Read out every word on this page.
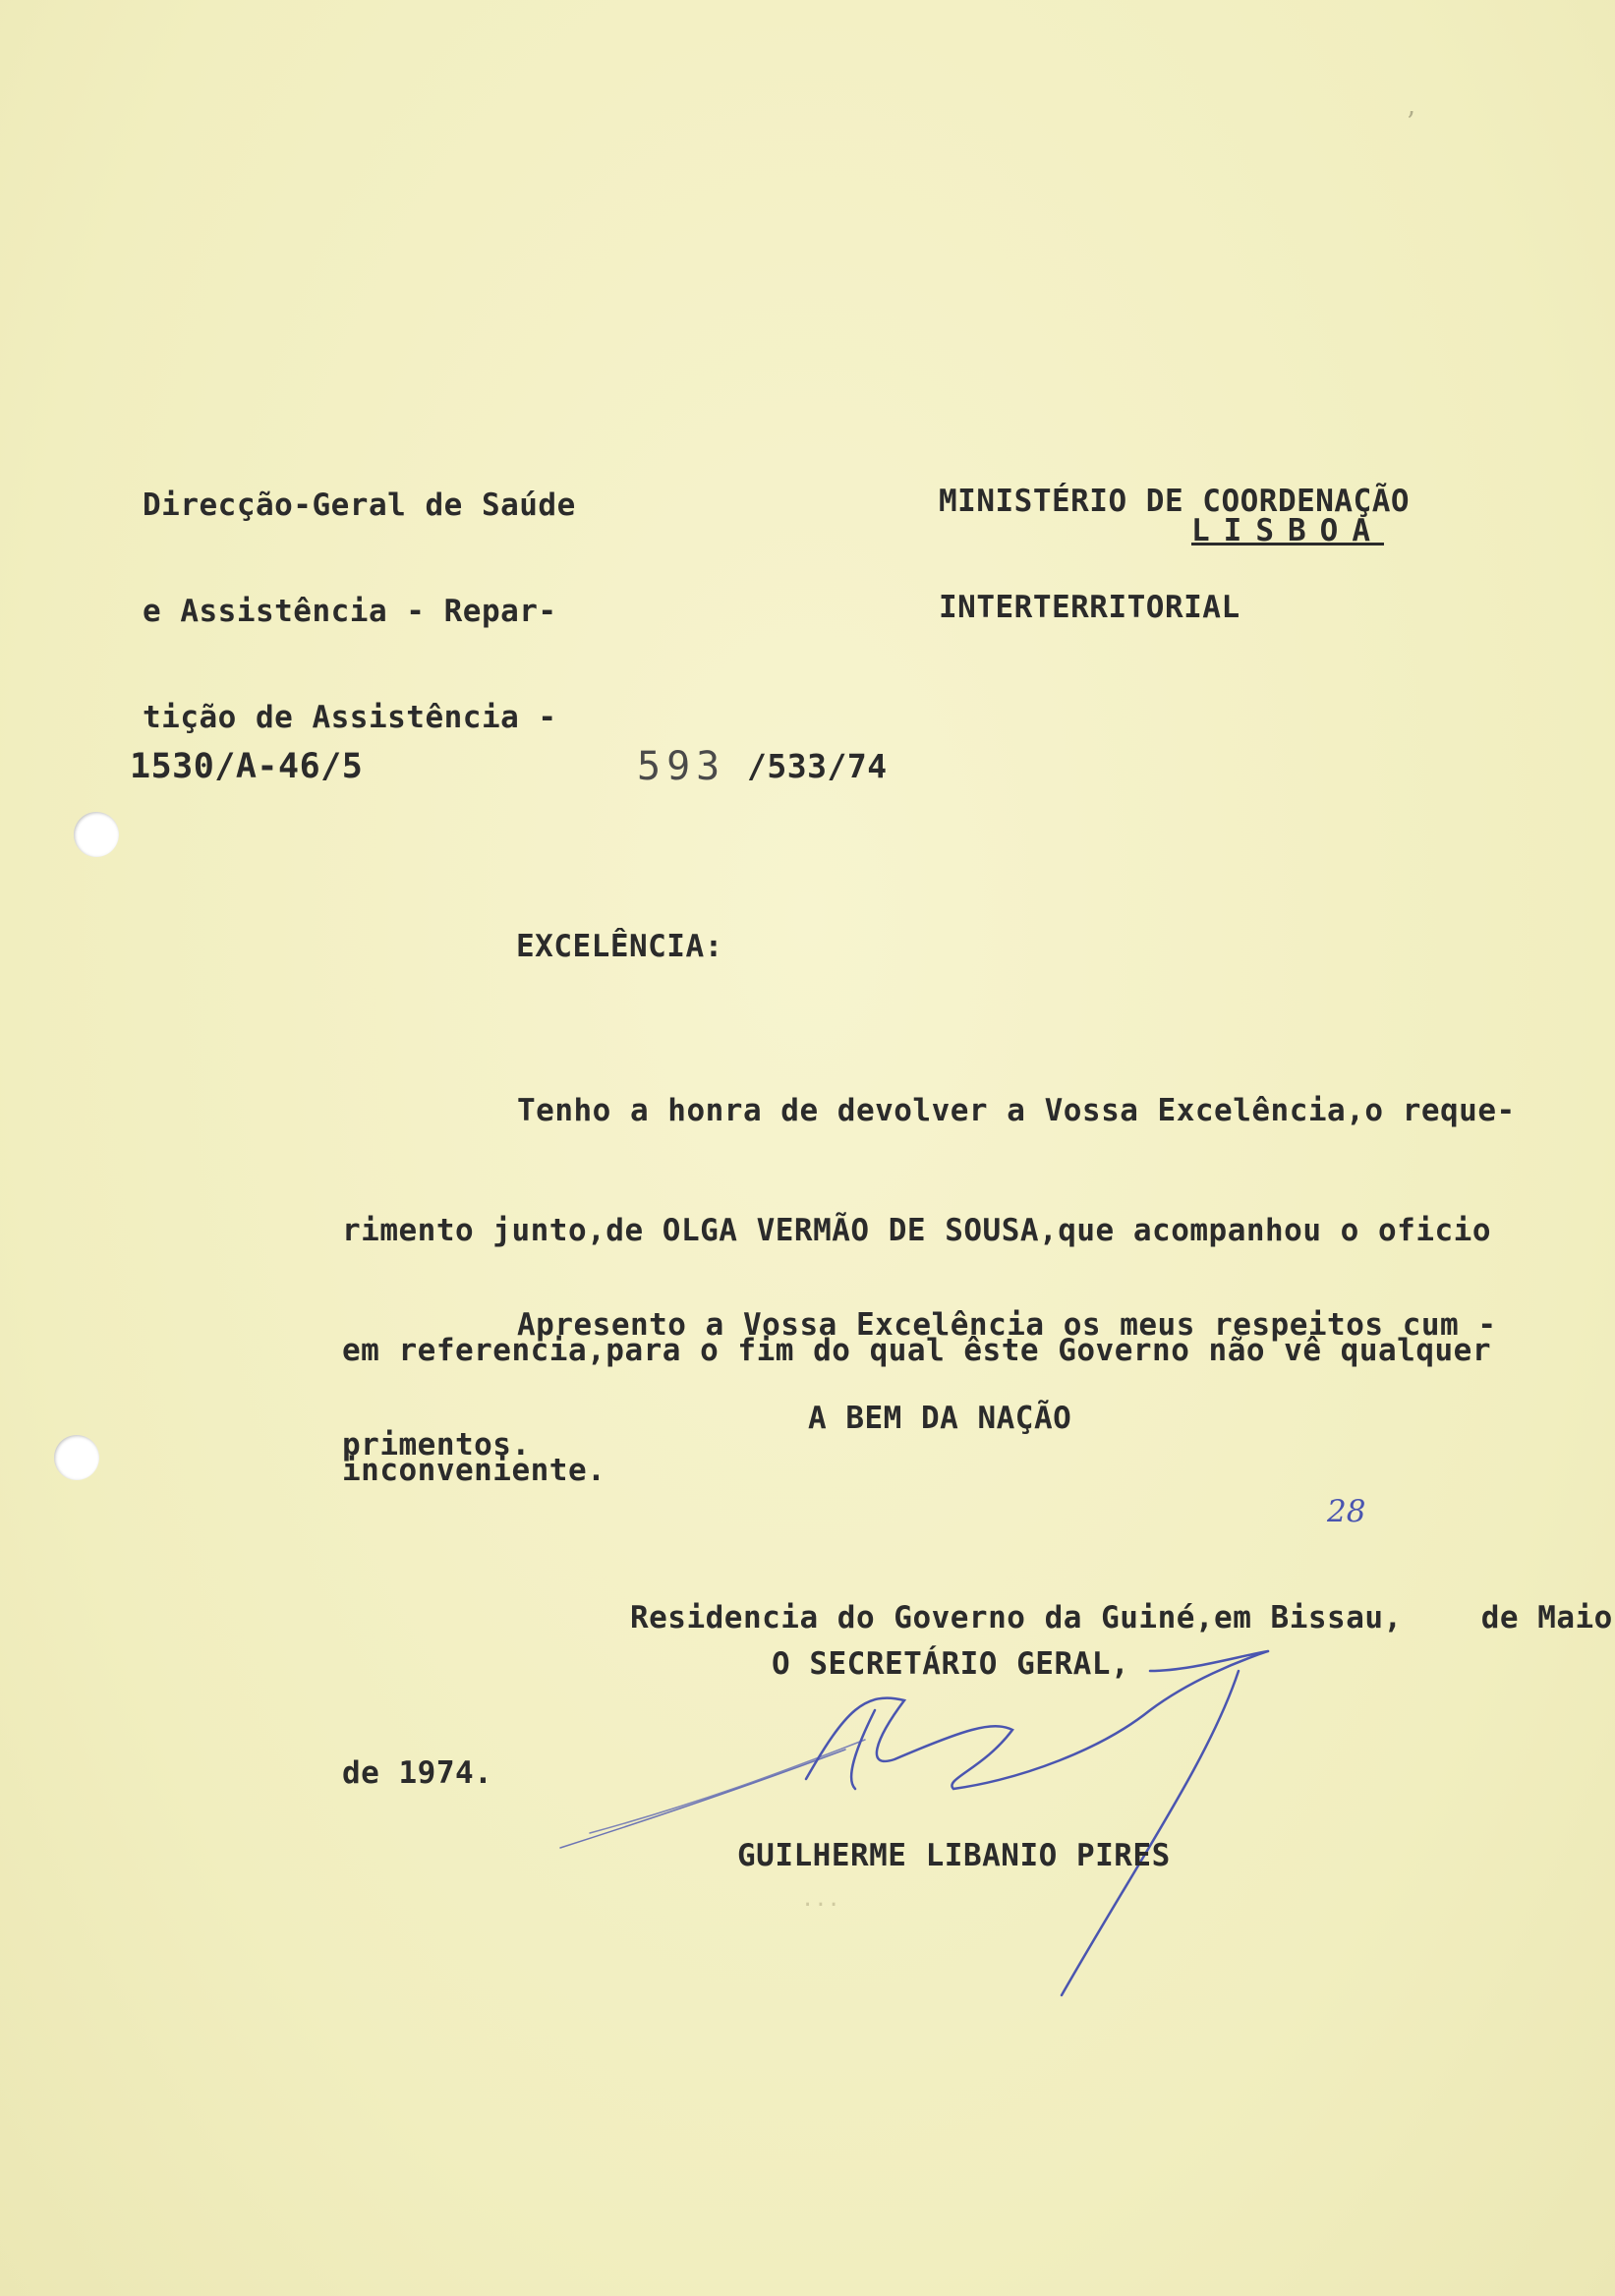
ʼ

Direcção-Geral de Saúde

e Assistência - Repar-

tição de Assistência -

MINISTÉRIO DE COORDENAÇÃO

INTERTERRITORIAL

LISBOA
1530/A-46/5	593 /533/74
EXCELÊNCIA:

Tenho a honra de devolver a Vossa Excelência,o reque-

rimento junto,de OLGA VERMÃO DE SOUSA,que acompanhou o oficio

em referencia,para o fim do qual êste Governo não vê qualquer

inconveniente.

Apresento a Vossa Excelência os meus respeitos cum -

primentos.

A BEM DA NAÇÃO

Residencia do Governo da Guiné,em Bissau,	de Maio

de 1974.

28
O SECRETÁRIO GERAL,
GUILHERME LIBANIO PIRES
···
